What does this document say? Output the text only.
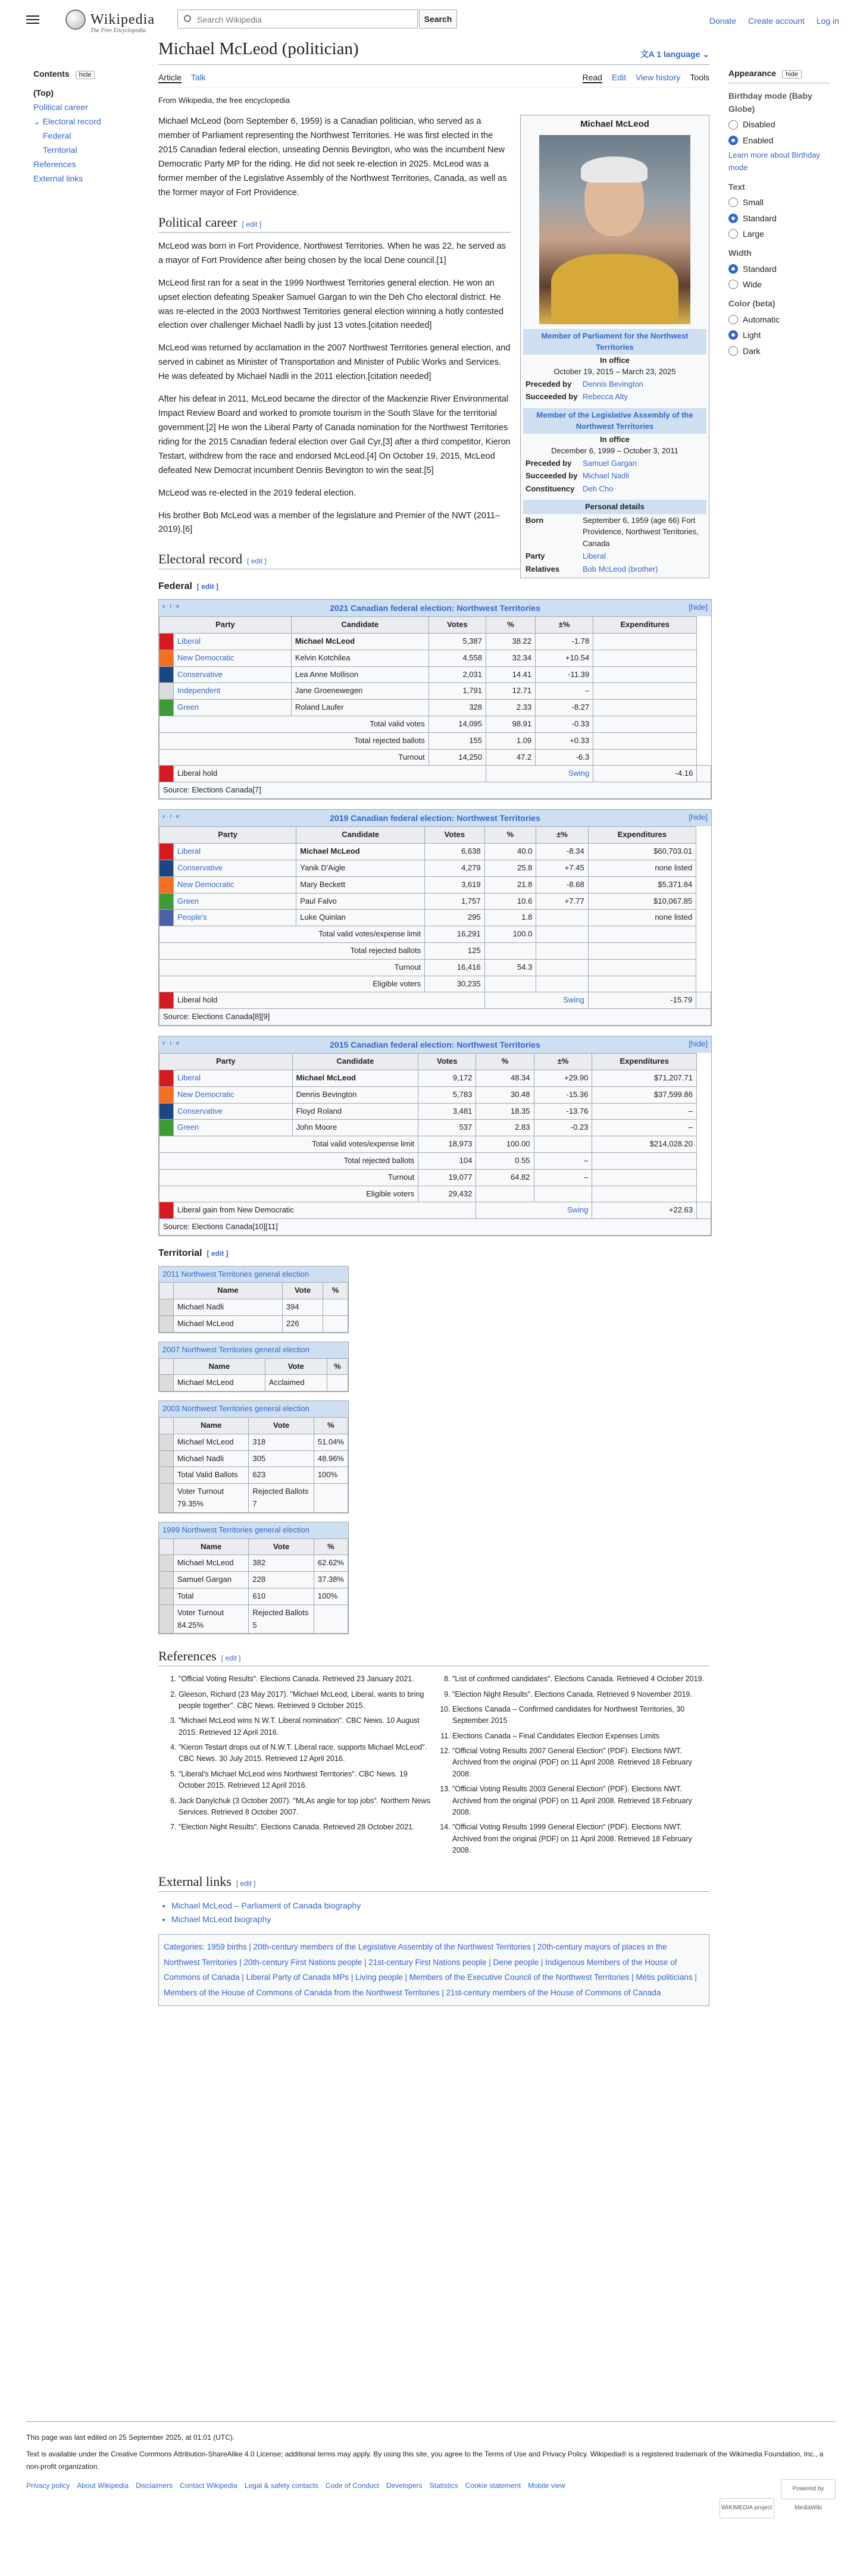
Wikipedia
The Free Encyclopedia
Search Wikipedia	Search	Donate Create account Log in
Contents hide
(Top)
Political career
⌄ Electoral record
Federal
Territorial
References
External links
Michael McLeod (politician)	文A 1 language ⌄
Article Talk	Read Edit View history Tools
From Wikipedia, the free encyclopedia
Michael McLeod
Member of Parliament for the Northwest Territories
In office
October 19, 2015 – March 23, 2025
Preceded by	Dennis Bevington
Succeeded by Rebecca Alty
Member of the Legislative Assembly of the Northwest Territories
In office
December 6, 1999 – October 3, 2011
Preceded by	Samuel Gargan
Succeeded by Michael Nadli
Constituency	Deh Cho
Personal details
Born	September 6, 1959 (age 66) Fort Providence, Northwest Territories, Canada
Party	Liberal
Relatives	Bob McLeod (brother)

Michael McLeod (born September 6, 1959) is a Canadian politician, who served as a member of Parliament representing the Northwest Territories. He was first elected in the 2015 Canadian federal election, unseating Dennis Bevington, who was the incumbent New Democratic Party MP for the riding. He did not seek re-election in 2025. McLeod was a former member of the Legislative Assembly of the Northwest Territories, Canada, as well as the former mayor of Fort Providence.

Political career [ edit ]

McLeod was born in Fort Providence, Northwest Territories. When he was 22, he served as a mayor of Fort Providence after being chosen by the local Dene council.[1]

McLeod first ran for a seat in the 1999 Northwest Territories general election. He won an upset election defeating Speaker Samuel Gargan to win the Deh Cho electoral district. He was re-elected in the 2003 Northwest Territories general election winning a hotly contested election over challenger Michael Nadli by just 13 votes.[citation needed]

McLeod was returned by acclamation in the 2007 Northwest Territories general election, and served in cabinet as Minister of Transportation and Minister of Public Works and Services. He was defeated by Michael Nadli in the 2011 election.[citation needed]

After his defeat in 2011, McLeod became the director of the Mackenzie River Environmental Impact Review Board and worked to promote tourism in the South Slave for the territorial government.[2] He won the Liberal Party of Canada nomination for the Northwest Territories riding for the 2015 Canadian federal election over Gail Cyr,[3] after a third competitor, Kieron Testart, withdrew from the race and endorsed McLeod.[4] On October 19, 2015, McLeod defeated New Democrat incumbent Dennis Bevington to win the seat.[5]

McLeod was re-elected in the 2019 federal election.

His brother Bob McLeod was a member of the legislature and Premier of the NWT (2011–2019).[6]

Electoral record [ edit ]
Federal [ edit ]
v · t · e	2021 Canadian federal election: Northwest Territories	[hide]
Party		Candidate	Votes	%	±%	Expenditures	
	Liberal	Michael McLeod	5,387	38.22	-1.78		
	New Democratic	Kelvin Kotchilea	4,558	32.34	+10.54		
	Conservative	Lea Anne Mollison	2,031	14.41	-11.39		
	Independent	Jane Groenewegen	1,791	12.71	–		
	Green	Roland Laufer	328	2.33	-8.27		
Total valid votes			14,095	98.91	-0.33		
Total rejected ballots			155	1.09	+0.33		
Turnout			14,250	47.2	-6.3		
	Liberal hold			Swing		-4.16	
Source: Elections Canada[7]							
v · t · e	2019 Canadian federal election: Northwest Territories	[hide]
Party		Candidate	Votes	%	±%	Expenditures	
	Liberal	Michael McLeod	6,638	40.0	-8.34	$60,703.01	
	Conservative	Yanik D'Aigle	4,279	25.8	+7.45	none listed	
	New Democratic	Mary Beckett	3,619	21.8	-8.68	$5,371.84	
	Green	Paul Falvo	1,757	10.6	+7.77	$10,067.85	
	People's	Luke Quinlan	295	1.8		none listed	
Total valid votes/expense limit			16,291	100.0			
Total rejected ballots			125				
Turnout			16,416	54.3			
Eligible voters			30,235				
	Liberal hold			Swing		-15.79	
Source: Elections Canada[8][9]							
v · t · e	2015 Canadian federal election: Northwest Territories	[hide]
Party		Candidate	Votes	%	±%	Expenditures	
	Liberal	Michael McLeod	9,172	48.34	+29.90	$71,207.71	
	New Democratic	Dennis Bevington	5,783	30.48	-15.36	$37,599.86	
	Conservative	Floyd Roland	3,481	18.35	-13.76	–	
	Green	John Moore	537	2.83	-0.23	–	
Total valid votes/expense limit			18,973	100.00		$214,028.20	
Total rejected ballots			104	0.55	–		
Turnout			19,077	64.82	–		
Eligible voters			29,432				
	Liberal gain from New Democratic			Swing		+22.63	
Source: Elections Canada[10][11]							
Territorial [ edit ]
2011 Northwest Territories general election
	Name	Vote	%
	Michael Nadli	394	
	Michael McLeod	226	
2007 Northwest Territories general election
	Name	Vote	%
	Michael McLeod	Acclaimed	
2003 Northwest Territories general election
	Name	Vote	%
	Michael McLeod	318	51.04%
	Michael Nadli	305	48.96%
	Total Valid Ballots	623	100%
	Voter Turnout 79.35%	Rejected Ballots 7	
1999 Northwest Territories general election
	Name	Vote	%
	Michael McLeod	382	62.62%
	Samuel Gargan	228	37.38%
	Total	610	100%
	Voter Turnout 84.25%	Rejected Ballots 5	
References [ edit ]
1. "Official Voting Results". Elections Canada. Retrieved 23 January 2021.
2. Gleeson, Richard (23 May 2017). "Michael McLeod, Liberal, wants to bring people together". CBC News. Retrieved 9 October 2015.
3. "Michael McLeod wins N.W.T. Liberal nomination". CBC News. 10 August 2015. Retrieved 12 April 2016.
4. "Kieron Testart drops out of N.W.T. Liberal race, supports Michael McLeod". CBC News. 30 July 2015. Retrieved 12 April 2016.
5. "Liberal's Michael McLeod wins Northwest Territories". CBC News. 19 October 2015. Retrieved 12 April 2016.
6. Jack Danylchuk (3 October 2007). "MLAs angle for top jobs". Northern News Services. Retrieved 8 October 2007.
7. "Election Night Results". Elections Canada. Retrieved 28 October 2021.
8. "List of confirmed candidates". Elections Canada. Retrieved 4 October 2019.
9. "Election Night Results". Elections Canada. Retrieved 9 November 2019.
10. Elections Canada – Confirmed candidates for Northwest Territories, 30 September 2015
11. Elections Canada – Final Candidates Election Expenses Limits
12. "Official Voting Results 2007 General Election" (PDF). Elections NWT. Archived from the original (PDF) on 11 April 2008. Retrieved 18 February 2008.
13. "Official Voting Results 2003 General Election" (PDF). Elections NWT. Archived from the original (PDF) on 11 April 2008. Retrieved 18 February 2008.
14. "Official Voting Results 1999 General Election" (PDF). Elections NWT. Archived from the original (PDF) on 11 April 2008. Retrieved 18 February 2008.
External links [ edit ]
• Michael McLeod – Parliament of Canada biography
• Michael McLeod biography
Categories: 1959 births | 20th-century members of the Legislative Assembly of the Northwest Territories | 20th-century mayors of places in the Northwest Territories | 20th-century First Nations people | 21st-century First Nations people | Dene people | Indigenous Members of the House of Commons of Canada | Liberal Party of Canada MPs | Living people | Members of the Executive Council of the Northwest Territories | Métis politicians | Members of the House of Commons of Canada from the Northwest Territories | 21st-century members of the House of Commons of Canada
Appearance hide
Birthday mode (Baby Globe)
Disabled
Enabled
Learn more about Birthday mode
Text
Small
Standard
Large
Width
Standard
Wide
Color (beta)
Automatic
Light
Dark
This page was last edited on 25 September 2025, at 01:01 (UTC).
Text is available under the Creative Commons Attribution-ShareAlike 4.0 License; additional terms may apply. By using this site, you agree to the Terms of Use and Privacy Policy. Wikipedia® is a registered trademark of the Wikimedia Foundation, Inc., a non-profit organization.
Privacy policy About Wikipedia Disclaimers Contact Wikipedia Legal & safety contacts Code of Conduct Developers Statistics Cookie statement Mobile view
WIKIMEDIA project Powered by MediaWiki
